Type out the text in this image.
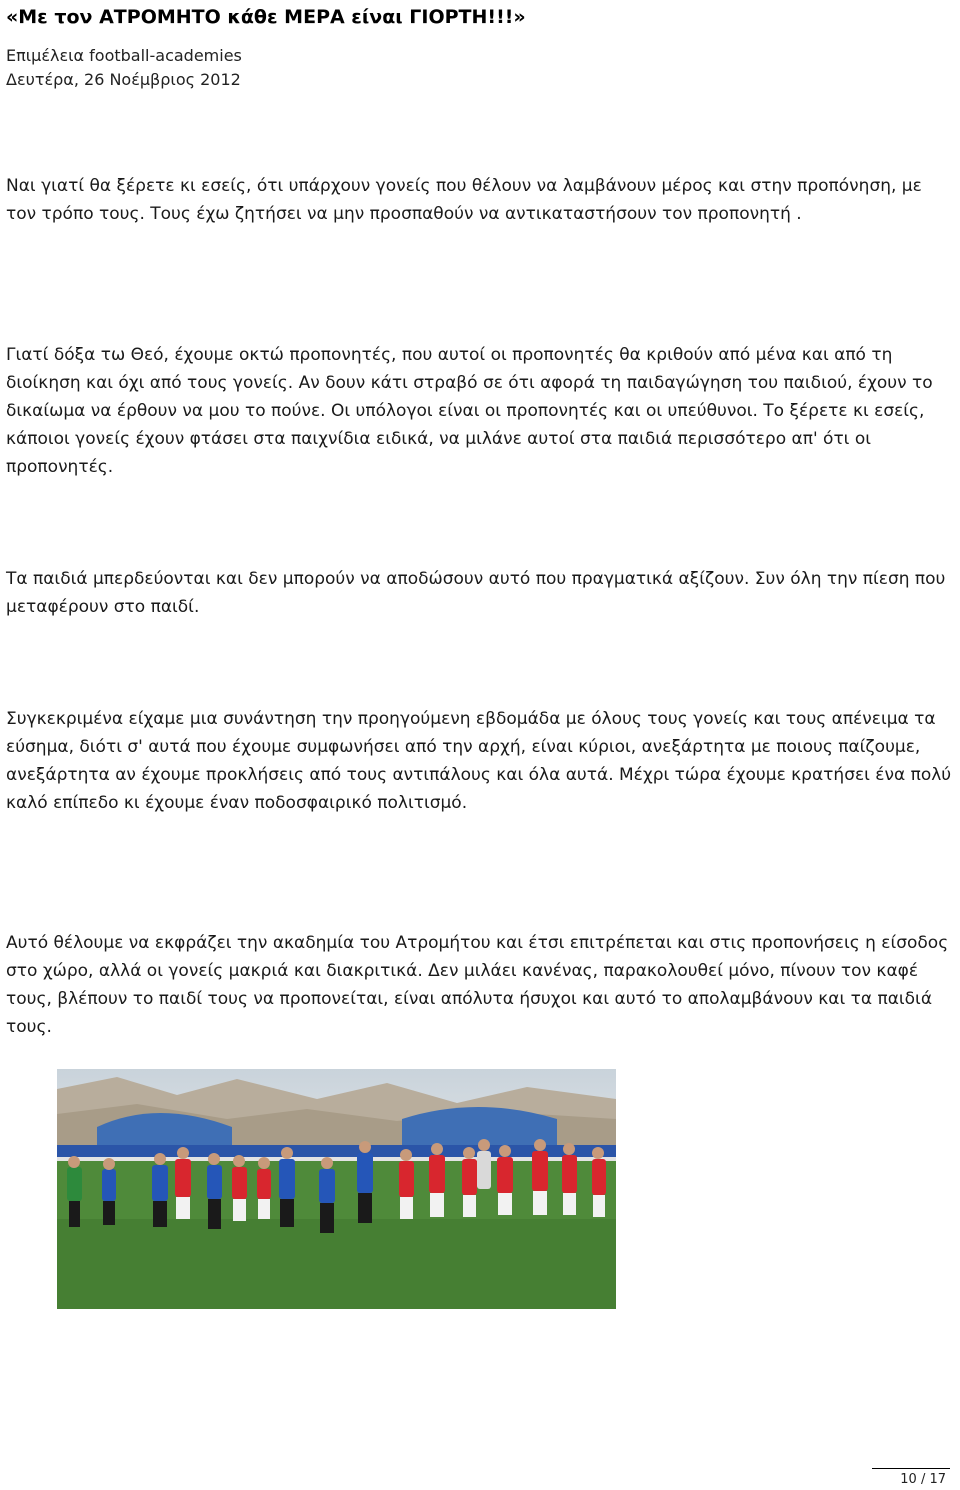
«Με τον ΑΤΡΟΜΗΤΟ κάθε ΜΕΡΑ είναι ΓΙΟΡΤΗ!!!»

Επιμέλεια football-academies

Δευτέρα, 26 Νοέμβριος 2012

Ναι γιατί θα ξέρετε κι εσείς, ότι υπάρχουν γονείς που θέλουν να λαμβάνουν μέρος και στην προπόνηση, με τον τρόπο τους. Τους έχω ζητήσει να μην προσπαθούν να αντικαταστήσουν τον προπονητή .

Γιατί δόξα τω Θεό, έχουμε οκτώ προπονητές, που αυτοί οι προπονητές θα κριθούν από μένα και από τη διοίκηση και όχι από τους γονείς. Αν δουν κάτι στραβό σε ότι αφορά τη παιδαγώγηση του παιδιού, έχουν το δικαίωμα να έρθουν να μου το πούνε. Οι υπόλογοι είναι οι προπονητές και οι υπεύθυνοι. Το ξέρετε κι εσείς, κάποιοι γονείς έχουν φτάσει στα παιχνίδια ειδικά, να μιλάνε αυτοί στα παιδιά περισσότερο απ' ότι οι προπονητές.

Τα παιδιά μπερδεύονται και δεν μπορούν να αποδώσουν αυτό που πραγματικά αξίζουν. Συν όλη την πίεση που μεταφέρουν στο παιδί.

Συγκεκριμένα είχαμε μια συνάντηση την προηγούμενη εβδομάδα με όλους τους γονείς και τους απένειμα τα εύσημα, διότι σ' αυτά που έχουμε συμφωνήσει από την αρχή, είναι κύριοι, ανεξάρτητα με ποιους παίζουμε, ανεξάρτητα αν έχουμε προκλήσεις από τους αντιπάλους και όλα αυτά. Μέχρι τώρα έχουμε κρατήσει ένα πολύ καλό επίπεδο κι έχουμε έναν ποδοσφαιρικό πολιτισμό.

Αυτό θέλουμε να εκφράζει την ακαδημία του Ατρομήτου και έτσι επιτρέπεται και στις προπονήσεις η είσοδος στο χώρο, αλλά οι γονείς μακριά και διακριτικά. Δεν μιλάει κανένας, παρακολουθεί μόνο, πίνουν τον καφέ τους, βλέπουν το παιδί τους να προπονείται, είναι απόλυτα ήσυχοι και αυτό το απολαμβάνουν και τα παιδιά τους.

10 / 17
